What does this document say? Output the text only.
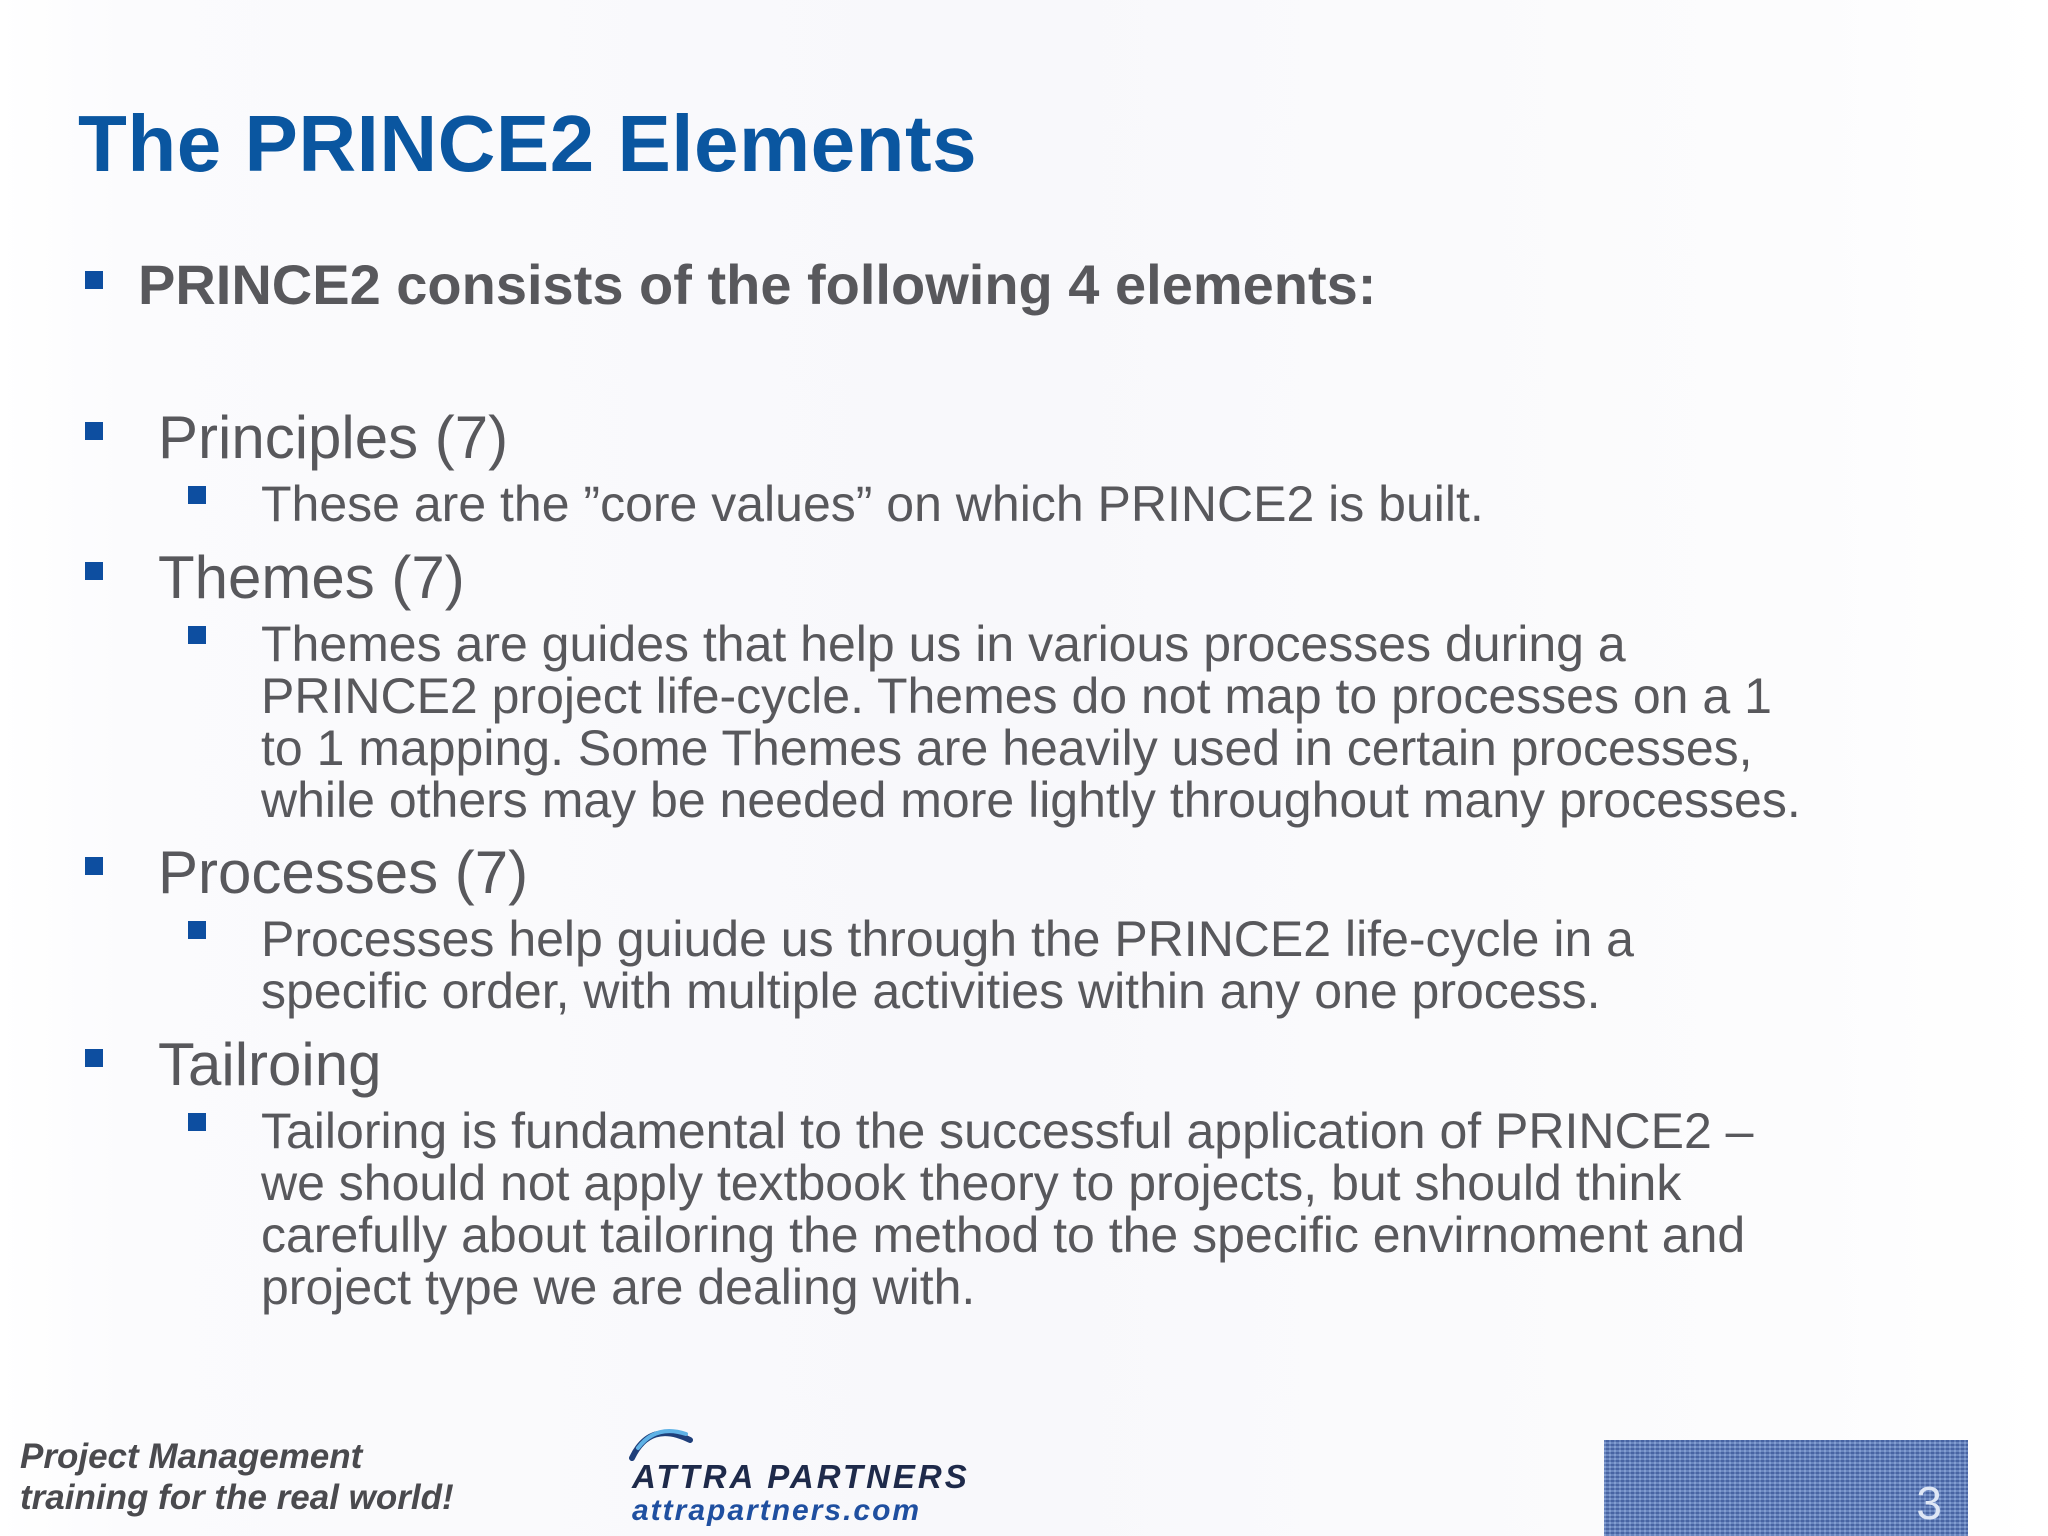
The PRINCE2 Elements
PRINCE2 consists of the following 4 elements:
Principles (7)
These are the ”core values” on which PRINCE2 is built.
Themes (7)
Themes are guides that help us in various processes during a
PRINCE2 project life-cycle. Themes do not map to processes on a 1
to 1 mapping. Some Themes are heavily used in certain processes,
while others may be needed more lightly throughout many processes.
Processes (7)
Processes help guiude us through the PRINCE2 life-cycle in a
specific order, with multiple activities within any one process.
Tailroing
Tailoring is fundamental to the successful application of PRINCE2 –
we should not apply textbook theory to projects, but should think
carefully about tailoring the method to the specific envirnoment and
project type we are dealing with.
Project Management
training for the real world!
ATTRA PARTNERS
attrapartners.com	3
